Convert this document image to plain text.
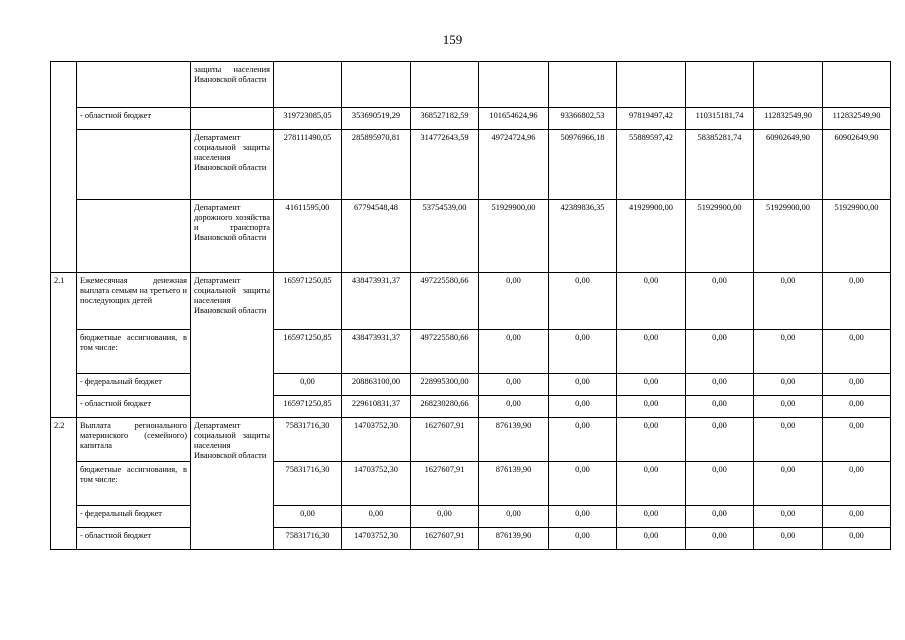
159
		защиты населения Ивановской области									
	- областной бюджет		319723085,05	353690519,29	368527182,59	101654624,96	93366802,53	97819497,42	110315181,74	112832549,90	112832549,90
		Департамент социальной защиты населения Ивановской области	278111490,05	285895970,81	314772643,59	49724724,96	50976966,18	55889597,42	58385281,74	60902649,90	60902649,90
		Департамент дорожного хозяйства и транспорта Ивановской области	41611595,00	67794548,48	53754539,00	51929900,00	42389836,35	41929900,00	51929900,00	51929900,00	51929900,00
2.1	Ежемесячная денежная выплата семьям на третьего и последующих детей	Департамент социальной защиты населения Ивановской области	165971250,85	438473931,37	497225580,66	0,00	0,00	0,00	0,00	0,00	0,00
	бюджетные ассигнования, в том числе:		165971250,85	438473931,37	497225580,66	0,00	0,00	0,00	0,00	0,00	0,00
	- федеральный бюджет		0,00	208863100,00	228995300,00	0,00	0,00	0,00	0,00	0,00	0,00
	- областной бюджет		165971250,85	229610831,37	268230280,66	0,00	0,00	0,00	0,00	0,00	0,00
2.2	Выплата регионального материнского (семейного) капитала	Департамент социальной защиты населения Ивановской области	75831716,30	14703752,30	1627607,91	876139,90	0,00	0,00	0,00	0,00	0,00
	бюджетные ассигнования, в том числе:		75831716,30	14703752,30	1627607,91	876139,90	0,00	0,00	0,00	0,00	0,00
	- федеральный бюджет		0,00	0,00	0,00	0,00	0,00	0,00	0,00	0,00	0,00
	- областной бюджет		75831716,30	14703752,30	1627607,91	876139,90	0,00	0,00	0,00	0,00	0,00
